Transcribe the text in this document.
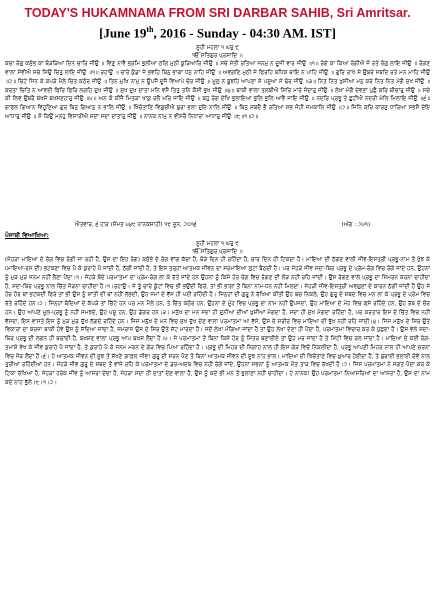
TODAY'S HUKAMNAMA FROM SRI DARBAR SAHIB, Sri Amritsar.
[June 19th, 2016 - Sunday - 04:30 AM. IST]
ਸੂਹੀ ਮਹਲਾ ੧ ਘਰੁ ੯
ੴ ਸਤਿਗੁਰ ਪ੍ਰਸਾਦਿ ॥

ਕਚਾ ਰੰਗੁ ਕਸੁੰਭ ਕਾ ਥੋੜੜਿਆ ਦਿਨ ਚਾਰਿ ਜੀਉ ॥ ਵਿਣੁ ਨਾਵੈ ਭ੍ਰਮਿ ਭੁਲੀਆ ਠਗਿ ਮੁਠੀ ਕੂੜਿਆਰਿ ਜੀਉ ॥ ਸਚੇ ਸੇਤੀ ਰਤਿਆ ਜਨਮੁ ਨ ਦੂਜੀ ਵਾਰ ਜੀਉ ॥੧॥ ਰੰਗੇ ਕਾ ਕਿਆ ਰੰਗੀਐ ਜੋ ਰਤੇ ਰੰਗੁ ਲਾਇ ਜੀਉ ॥ ਰੰਗਣ ਵਾਲਾ ਸੇਵੀਐ ਸਚੇ ਸਿਉ ਚਿਤੁ ਲਾਇ ਜੀਉ ॥੧॥ ਰਹਾਉ ॥ ਚਾਰੇ ਕੁੰਡਾ ਜੇ ਭਵਹਿ ਬਿਨੁ ਭਾਗਾ ਧਨੁ ਨਾਹਿ ਜੀਉ ॥ ਅਵਗਣਿ ਮੁਠੀ ਜੇ ਫਿਰਹਿ ਬਧਿਕ ਥਾਇ ਨ ਪਾਹਿ ਜੀਉ ॥ ਗੁਰਿ ਰਾਖੇ ਸੇ ਉਬਰੇ ਸਬਦਿ ਰਤੇ ਮਨ ਮਾਹਿ ਜੀਉ ॥੨॥ ਚਿਟੇ ਜਿਨ ਕੇ ਕਪੜੇ ਮੈਲੇ ਚਿਤ ਕਠੋਰ ਜੀਉ ॥ ਤਿਨ ਮੁਖਿ ਨਾਮੁ ਨ ਊਪਜੈ ਦੂਜੈ ਵਿਆਪੇ ਚੋਰ ਜੀਉ ॥ ਮੂਲੁ ਨ ਬੂਝਹਿ ਆਪਣਾ ਸੇ ਪਸੂਆ ਸੇ ਢੋਰ ਜੀਉ ॥੩॥ ਨਿਤ ਨਿਤ ਖੁਸੀਆ ਮਨੁ ਕਰੇ ਨਿਤ ਨਿਤ ਮੰਗੈ ਸੁਖ ਜੀਉ ॥ ਕਰਤਾ ਚਿਤਿ ਨ ਆਵਈ ਫਿਰਿ ਫਿਰਿ ਲਗਹਿ ਦੁਖ ਜੀਉ ॥ ਸੁਖ ਦੁਖ ਦਾਤਾ ਮਨਿ ਵਸੈ ਤਿਤੁ ਤਨਿ ਕੈਸੀ ਭੁਖ ਜੀਉ ॥੪॥ ਬਾਕੀ ਵਾਲਾ ਤਲਬੀਐ ਸਿਰਿ ਮਾਰੇ ਜੰਦਾਰੁ ਜੀਉ ॥ ਲੇਖਾ ਮੰਗੈ ਦੇਵਣਾ ਪੁਛੈ ਕਰਿ ਬੀਚਾਰੁ ਜੀਉ ॥ ਸਚੇ ਕੀ ਲਿਵ ਉਬਰੈ ਬਖਸੇ ਬਖਸਣਹਾਰੁ ਜੀਉ ॥੫॥ ਅਨ ਕੋ ਕੀਜੈ ਮਿਤੜਾ ਖਾਕੁ ਰਲੈ ਮਰਿ ਜਾਇ ਜੀਉ ॥ ਬਹੁ ਰੰਗ ਦੇਖਿ ਭੁਲਾਇਆ ਭੁਲਿ ਭੁਲਿ ਆਵੈ ਜਾਇ ਜੀਉ ॥ ਨਦਰਿ ਪ੍ਰਭੂ ਤੇ ਛੁਟੀਐ ਨਦਰੀ ਮੇਲਿ ਮਿਲਾਇ ਜੀਉ ॥੬॥ ਗਾਫਲ ਗਿਆਨ ਵਿਹੂਣਿਆ ਗੁਰ ਬਿਨੁ ਗਿਆਨੁ ਨ ਭਾਲਿ ਜੀਉ ॥ ਖਿੰਚੋਤਾਣਿ ਵਿਗੁਚੀਐ ਬੁਰਾ ਭਲਾ ਦੁਇ ਨਾਲਿ ਜੀਉ ॥ ਬਿਨੁ ਸਬਦੈ ਭੈ ਰਤਿਆ ਸਭ ਜੋਹੀ ਜਮਕਾਲਿ ਜੀਉ ॥੭॥ ਜਿਨਿ ਕਰਿ ਕਾਰਣੁ ਧਾਰਿਆ ਸਭਸੈ ਦੇਇ ਆਧਾਰੁ ਜੀਉ ॥ ਸੋ ਕਿਉ ਮਨਹੁ ਵਿਸਾਰੀਐ ਸਦਾ ਸਦਾ ਦਾਤਾਰੁ ਜੀਉ ॥ ਨਾਨਕ ਨਾਮੁ ਨ ਵੀਸਰੈ ਨਿਧਾਰਾ ਆਧਾਰੁ ਜੀਉ ॥੮॥੧॥੨॥

ਐਤਵਾਰ, ੬ ਹਾੜ (ਸੰਮਤ ੫੪੮ ਨਾਨਕਸ਼ਾਹੀ) ੧੯ ਜੂਨ, ੨੦੧੬	(ਅੰਗ : ੭੫੧)
ਪੰਜਾਬੀ ਵਿਆਖਿਆ:
ਸੂਹੀ ਮਹਲਾ ੧ ਘਰੁ ੯
ੴ ਸਤਿਗੁਰ ਪ੍ਰਸਾਦਿ ॥

(ਜੇਹੜਾ ਮਾਇਆ ਦੇ ਰੰਗ ਵਿਚ ਰੰਗੀ ਜਾ ਰਹੀ ਹੈ, ਉਸ ਦਾ ਇਹ ਰੰਗ) ਕਸੁੰਭੇ ਦੇ ਰੰਗ ਵਾਂਗ ਕੱਚਾ ਹੈ, ਥੋੜੇ ਦਿਨ ਹੀ ਰਹਿੰਦਾ ਹੈ, ਚਾਰ ਦਿਨ ਹੀ ਟਿਕਦਾ ਹੈ। ਮਾਇਆ ਦੀ ਠੱਗਣ ਵਾਲੀ ਜੀਵ-ਇਸਤ੍ਰੀ ਪ੍ਰਭੂ-ਨਾਮ ਤੋਂ ਖੁੰਝ ਕੇ (ਮਾਇਆ-ਰਸ ਦੀ) ਭਟਕਣਾ ਵਿਚ ਪੈ ਕੇ ਕੁਰਾਹੇ ਪੈ ਜਾਂਦੀ ਹੈ, ਠੱਗੀ ਜਾਂਦੀ ਹੈ, ਤੇ ਇਸ ਤਰ੍ਹਾਂ ਆਤਮਕ ਜੀਵਨ ਦਾ ਸਰਮਾਇਆ ਲੁਟਾ ਬੈਠਦੀ ਹੈ। ਪਰ ਜੇਹੜੇ ਜੀਵ ਸਦਾ-ਥਿਰ ਪ੍ਰਭੂ ਦੇ ਪ੍ਰੇਮ-ਰੰਗ ਵਿਚ ਰੰਗੇ ਜਾਂਦੇ ਹਨ, ਉਹਨਾਂ ਨੂੰ ਮੁੜ ਮੁੜ ਜਨਮ ਨਹੀਂ ਲੈਣਾ ਪੈਂਦਾ।੧। ਜੇਹੜੇ ਬੰਦੇ ਪਰਮਾਤਮਾ ਦਾ ਪ੍ਰੇਮ-ਰੰਗ ਲਾ ਕੇ ਰੱਤੇ ਜਾਂਦੇ ਹਨ ਉਹਨਾਂ ਨੂੰ ਕਿਸੇ ਹੋਰ ਰੰਗ ਵਿਚ ਰੰਗਣ ਦੀ ਲੋੜ ਨਹੀਂ ਰਹਿ ਜਾਂਦੀ। ਉਸ ਰੰਗਣ ਵਾਲੇ ਪ੍ਰਭੂ ਦਾ ਸਿਮਰਨ ਕਰਨਾ ਚਾਹੀਦਾ ਹੈ, ਸਦਾ-ਥਿਰ ਪ੍ਰਭੂ ਨਾਲ ਚਿੱਤ ਜੋੜਨਾ ਚਾਹੀਦਾ ਹੈ।੧।ਰਹਾਉ। ਜੇ ਤੂੰ ਚਾਰੇ ਕੂੰਟਾਂ ਵਿਚ ਭੀ ਭਉਂਦੀ ਫਿਰੇਂ, ਤਾਂ ਭੀ ਭਾਗਾਂ ਤੋਂ ਬਿਨਾ ਨਾਮ-ਧਨ ਨਹੀਂ ਮਿਲਦਾ। ਜੇਹੜੀ ਜੀਵ-ਇਸਤ੍ਰੀ ਅਵਗੁਣਾਂ ਦੇ ਕਾਰਨ ਠੱਗੀ ਜਾਂਦੀ ਹੈ ਉਹ ਜੇ ਹੋਰ ਹੋਰ ਥਾਂ ਭਟਕਦੀ ਫਿਰੇ ਤਾਂ ਭੀ ਉਸ ਨੂੰ ਸ਼ਾਂਤੀ ਦੀ ਥਾਂ ਨਹੀਂ ਲੱਭਦੀ, ਉਹ ਜਮਾਂ ਦੇ ਵੱਸ ਹੀ ਪਈ ਰਹਿੰਦੀ ਹੈ। ਜਿਨ੍ਹਾਂ ਦੀ ਗੁਰੂ ਨੇ ਰੱਖਿਆ ਕੀਤੀ ਉਹ ਬਚ ਨਿਕਲੇ, ਉਹ ਗੁਰੂ ਦੇ ਸ਼ਬਦ ਵਿਚ ਮਨ ਲਾ ਕੇ ਪ੍ਰਭੂ ਦੇ ਪ੍ਰੇਮ ਵਿਚ ਰੱਤੇ ਰਹਿੰਦੇ ਹਨ।੨। ਜਿਨ੍ਹਾਂ ਬੰਦਿਆਂ ਦੇ ਕੱਪੜੇ ਤਾਂ ਚਿੱਟੇ ਹਨ ਪਰ ਮਨ ਮੈਲੇ ਹਨ, ਤੇ ਚਿੱਤ ਕਠੋਰ ਹਨ, ਉਹਨਾਂ ਦੇ ਮੂੰਹ ਵਿਚ ਪ੍ਰਭੂ ਦਾ ਨਾਮ ਨਹੀਂ ਉਪਜਦਾ, ਉਹ ਮਾਇਆ ਦੇ ਮੋਹ ਵਿਚ ਫਸੇ ਰਹਿੰਦੇ ਹਨ, ਉਹ ਰੱਬ ਦੇ ਚੋਰ ਹਨ। ਉਹ ਆਪਣੇ ਮੂਲ-ਪ੍ਰਭੂ ਨੂੰ ਨਹੀਂ ਸਮਝਦੇ, ਉਹ ਪਸ਼ੂ ਹਨ, ਉਹ ਡੰਗਰ ਹਨ।੩। ਮਨੁੱਖ ਦਾ ਮਨ ਸਦਾ ਹੀ ਦੁਨੀਆ ਦੀਆਂ ਖ਼ੁਸ਼ੀਆਂ ਮੰਗਦਾ ਹੈ, ਸਦਾ ਹੀ ਸੁਖ ਮੰਗਦਾ ਰਹਿੰਦਾ ਹੈ, ਪਰ ਕਰਤਾਰ ਇਸ ਦੇ ਚਿੱਤ ਵਿਚ ਨਹੀਂ ਵੱਸਦਾ, ਇਸ ਵਾਸਤੇ ਇਸ ਨੂੰ ਮੁੜ ਮੁੜ ਦੁੱਖ ਲੱਗਦੇ ਰਹਿੰਦੇ ਹਨ। ਜਿਸ ਮਨੁੱਖ ਦੇ ਮਨ ਵਿਚ ਸੁਖ ਦੁੱਖ ਦੇਣ ਵਾਲਾ ਪਰਮਾਤਮਾ ਆ ਵੱਸੇ, ਉਸ ਦੇ ਸਰੀਰ ਵਿਚ ਮਾਇਆ ਦੀ ਭੁੱਖ ਨਹੀਂ ਰਹਿ ਜਾਂਦੀ।੪। ਜਿਸ ਮਨੁੱਖ ਦੇ ਸਿਰ ਉਤੇ ਵਿਕਾਰਾਂ ਦਾ ਕਰਜ਼ਾ ਬਾਕੀ ਹੋਵੇ ਉਸ ਨੂੰ ਸੱਦਿਆ ਜਾਂਦਾ ਹੈ, ਜਮਰਾਜ ਉਸ ਦੇ ਸਿਰ ਉਤੇ ਸੱਟ ਮਾਰਦਾ ਹੈ। ਜਦੋਂ ਲੇਖਾ ਮੰਗਿਆ ਜਾਂਦਾ ਹੈ ਤਾਂ ਉਹ ਲੇਖਾ ਦੇਣਾ ਹੀ ਪੈਂਦਾ ਹੈ, ਪਰਮਾਤਮਾ ਵਿਚਾਰ ਕਰ ਕੇ ਪੁੱਛਦਾ ਹੈ। ਉਸ ਵੇਲੇ ਸਦਾ-ਥਿਰ ਪ੍ਰਭੂ ਦੀ ਲਗਨ ਹੀ ਬਚਾਂਦੀ ਹੈ, ਬਖ਼ਸ਼ਣ ਵਾਲਾ ਪ੍ਰਭੂ ਆਪ ਬਖ਼ਸ਼ ਲੈਂਦਾ ਹੈ।੫। ਜੇ ਪਰਮਾਤਮਾ ਤੋਂ ਬਿਨਾ ਕਿਸੇ ਹੋਰ ਨੂੰ ਮਿੱਤਰ ਬਣਾਈਏ ਤਾਂ ਉਹ ਮਰ ਜਾਂਦਾ ਹੈ ਤੇ ਮਿੱਟੀ ਵਿਚ ਰਲ ਜਾਂਦਾ ਹੈ। ਮਾਇਆ ਦੇ ਕਈ ਰੰਗ-ਤਮਾਸ਼ੇ ਵੇਖ ਕੇ ਜੀਵ ਕੁਰਾਹੇ ਪੈ ਜਾਂਦਾ ਹੈ, ਤੇ ਕੁਰਾਹੇ ਪੈ ਕੇ ਜਨਮ ਮਰਨ ਦੇ ਗੇੜ ਵਿਚ ਪਿਆ ਰਹਿੰਦਾ ਹੈ। ਪ੍ਰਭੂ ਦੀ ਮਿਹਰ ਦੀ ਨਿਗਾਹ ਨਾਲ ਹੀ ਇਸ ਗੇੜ ਵਿਚੋਂ ਨਿਕਲੀਦਾ ਹੈ, ਪ੍ਰਭੂ ਆਪਣੀ ਮਿਹਰ ਨਾਲ ਹੀ ਆਪਣੇ ਚਰਨਾਂ ਵਿਚ ਜੋੜ ਲੈਂਦਾ ਹੈ।੬। ਹੇ ਆਤਮਕ ਜੀਵਨ ਦੀ ਸੂਝ ਤੋਂ ਸੱਖਣੇ ਗ਼ਾਫ਼ਲ ਜੀਵ! ਗੁਰੂ ਦੀ ਸਰਨ ਪੈਣ ਤੋਂ ਬਿਨਾ ਆਤਮਕ ਜੀਵਨ ਦੀ ਸੂਝ ਨਾਹ ਭਾਲ। ਮਾਇਆ ਦੀ ਖਿੱਚੋਤਾਣ ਵਿਚ ਖ਼ੁਆਰ ਹੋਈਦਾ ਹੈ, ਤੇ ਬੁਰਾਈ ਭਲਾਈ ਦੋਵੇਂ ਨਾਲ ਤੁਰੀਆਂ ਰਹਿੰਦੀਆਂ ਹਨ। ਜੇਹੜੇ ਜੀਵ ਗੁਰੂ ਦੇ ਸ਼ਬਦ ਤੋਂ ਵਾਂਜੇ ਰਹਿ ਕੇ ਪਰਮਾਤਮਾ ਦੇ ਡਰ-ਅਦਬ ਵਿਚ ਨਹੀਂ ਰੰਗੇ ਜਾਂਦੇ, ਉਹਨਾਂ ਸਭਨਾਂ ਨੂੰ ਆਤਮਕ ਮੌਤ ਤਾੜ ਵਿਚ ਰੱਖਦੀ ਹੈ।੭। ਜਿਸ ਪਰਮਾਤਮਾ ਨੇ ਜਗਤ ਪੈਦਾ ਕਰ ਕੇ ਟਿਕਾ ਰੱਖਿਆ ਹੈ, ਜੇਹੜਾ ਹਰੇਕ ਜੀਵ ਨੂੰ ਆਸਰਾ ਦੇਂਦਾ ਹੈ, ਜੇਹੜਾ ਸਦਾ ਹੀ ਦਾਤਾਂ ਦੇਣ ਵਾਲਾ ਹੈ, ਉਸ ਨੂੰ ਕਦੇ ਭੀ ਮਨ ਤੋਂ ਭੁਲਾਣਾ ਨਹੀਂ ਚਾਹੀਦਾ। ਹੇ ਨਾਨਕ! ਉਹ ਪਰਮਾਤਮਾ ਨਿਆਸਰਿਆਂ ਦਾ ਆਸਰਾ ਹੈ, ਉਸ ਦਾ ਨਾਮ ਕਦੇ ਨਾਹ ਭੁੱਲੇ।੮।੧।੨।
